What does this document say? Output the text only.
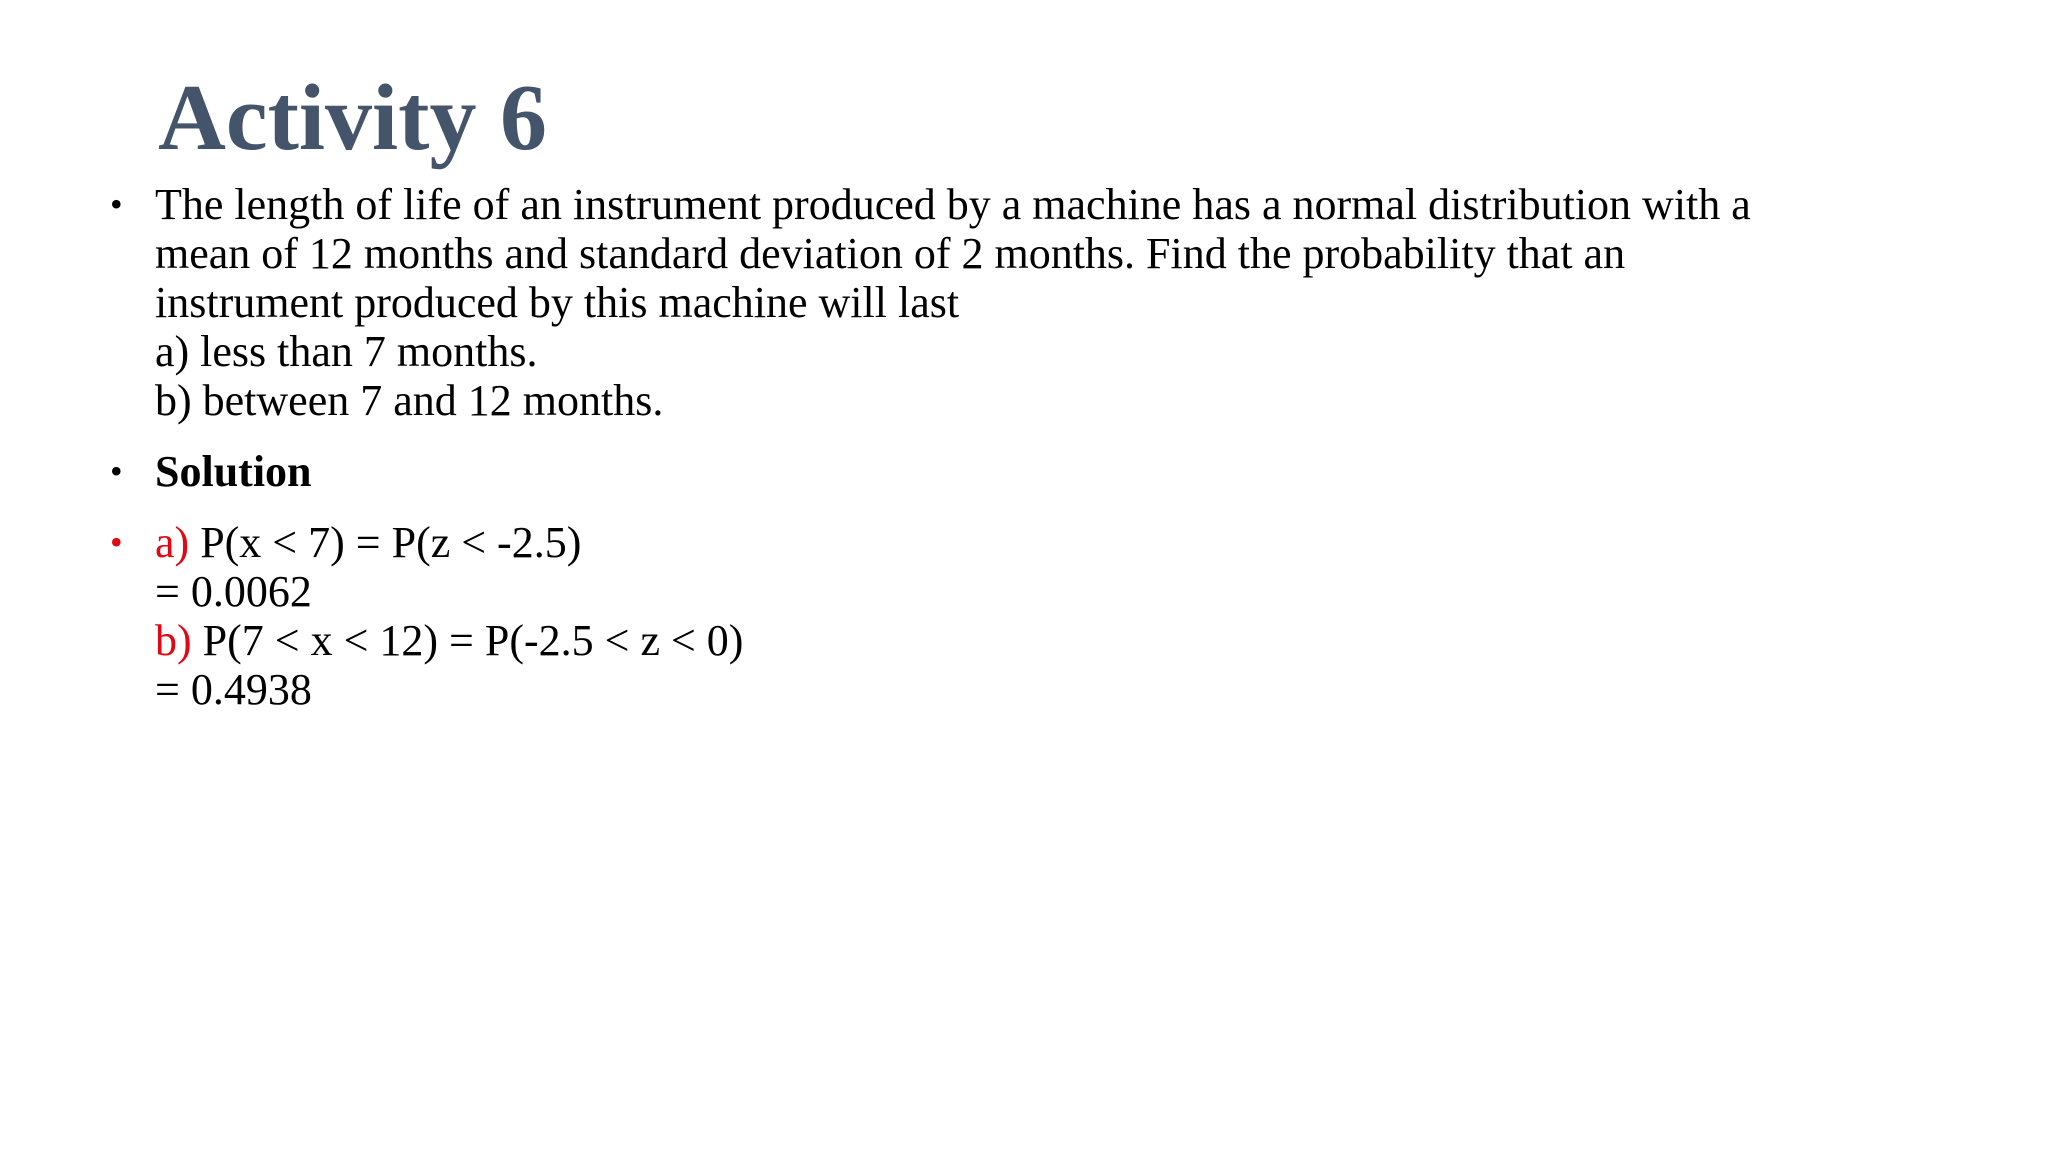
Activity 6
• The length of life of an instrument produced by a machine has a normal distribution with a
mean of 12 months and standard deviation of 2 months. Find the probability that an
instrument produced by this machine will last
a) less than 7 months.
b) between 7 and 12 months.
• Solution
• a) P(x < 7) = P(z < -2.5)
= 0.0062
b) P(7 < x < 12) = P(-2.5 < z < 0)
= 0.4938
